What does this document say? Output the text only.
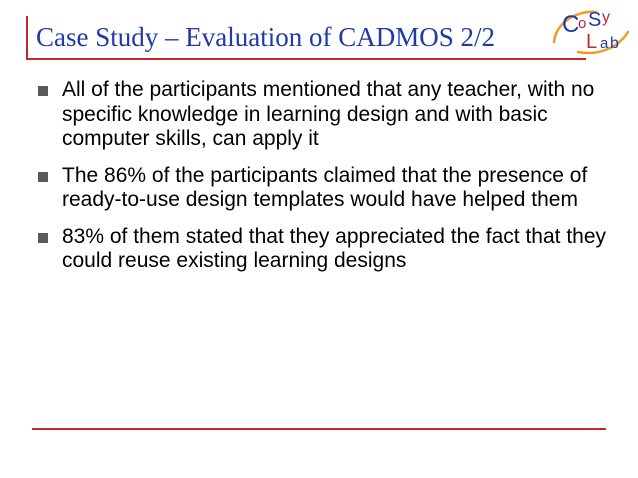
Case Study – Evaluation of CADMOS 2/2	C
o S y
L a b
All of the participants mentioned that any teacher, with no specific knowledge in learning design and with basic computer skills, can apply it
The 86% of the participants claimed that the presence of ready-to-use design templates would have helped them
83% of them stated that they appreciated the fact that they could reuse existing learning designs
